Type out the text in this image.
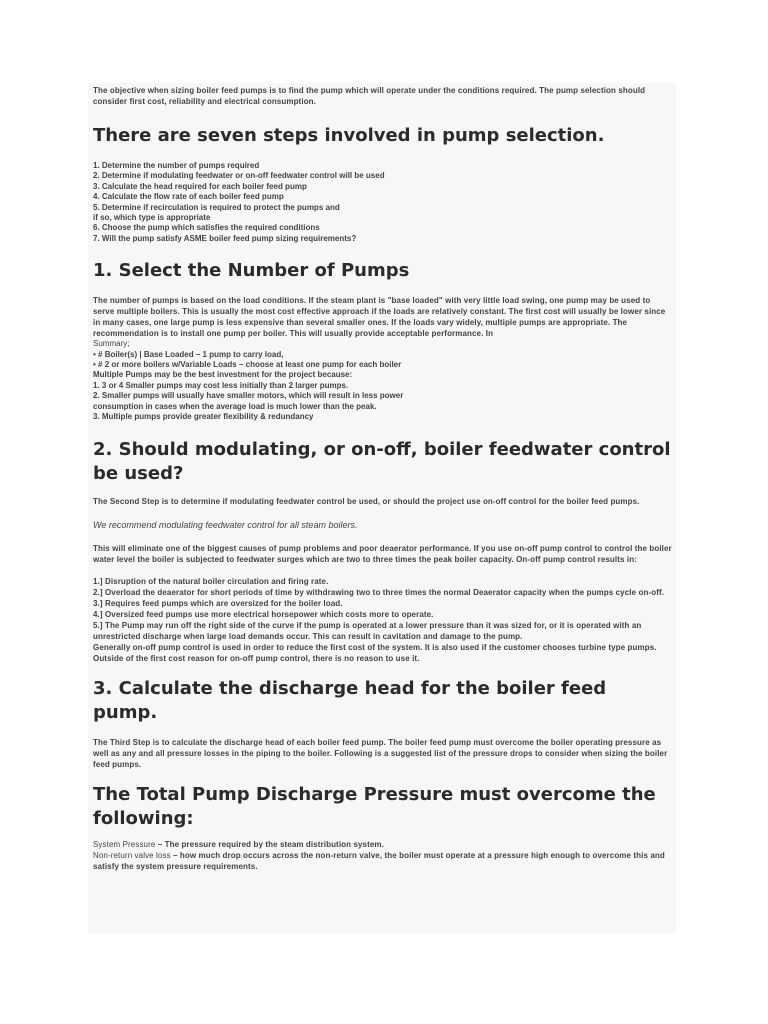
The objective when sizing boiler feed pumps is to find the pump which will operate under the conditions required. The pump selection should consider first cost, reliability and electrical consumption.

There are seven steps involved in pump selection.
1. Determine the number of pumps required
2. Determine if modulating feedwater or on-off feedwater control will be used
3. Calculate the head required for each boiler feed pump
4. Calculate the flow rate of each boiler feed pump
5. Determine if recirculation is required to protect the pumps and
if so, which type is appropriate
6. Choose the pump which satisfies the required conditions
7. Will the pump satisfy ASME boiler feed pump sizing requirements?
1. Select the Number of Pumps

The number of pumps is based on the load conditions. If the steam plant is "base loaded" with very little load swing, one pump may be used to serve multiple boilers. This is usually the most cost effective approach if the loads are relatively constant. The first cost will usually be lower since in many cases, one large pump is less expensive than several smaller ones. If the loads vary widely, multiple pumps are appropriate. The recommendation is to install one pump per boiler. This will usually provide acceptable performance. In

Summary;
• # Boiler(s) | Base Loaded – 1 pump to carry load,
• # 2 or more boilers w/Variable Loads – choose at least one pump for each boiler
Multiple Pumps may be the best investment for the project because:
1. 3 or 4 Smaller pumps may cost less initially than 2 larger pumps.
2. Smaller pumps will usually have smaller motors, which will result in less power
consumption in cases when the average load is much lower than the peak.
3. Multiple pumps provide greater flexibility & redundancy
2. Should modulating, or on-off, boiler feedwater control be used?

The Second Step is to determine if modulating feedwater control be used, or should the project use on-off control for the boiler feed pumps.

We recommend modulating feedwater control for all steam boilers.

This will eliminate one of the biggest causes of pump problems and poor deaerator performance. If you use on-off pump control to control the boiler water level the boiler is subjected to feedwater surges which are two to three times the peak boiler capacity. On-off pump control results in:

1.] Disruption of the natural boiler circulation and firing rate.
2.] Overload the deaerator for short periods of time by withdrawing two to three times the normal Deaerator capacity when the pumps cycle on-off.
3.] Requires feed pumps which are oversized for the boiler load.
4.] Oversized feed pumps use more electrical horsepower which costs more to operate.
5.] The Pump may run off the right side of the curve if the pump is operated at a lower pressure than it was sized for, or it is operated with an unrestricted discharge when large load demands occur. This can result in cavitation and damage to the pump.
Generally on-off pump control is used in order to reduce the first cost of the system. It is also used if the customer chooses turbine type pumps. Outside of the first cost reason for on-off pump control, there is no reason to use it.

3. Calculate the discharge head for the boiler feed pump.

The Third Step is to calculate the discharge head of each boiler feed pump. The boiler feed pump must overcome the boiler operating pressure as well as any and all pressure losses in the piping to the boiler. Following is a suggested list of the pressure drops to consider when sizing the boiler feed pumps.

The Total Pump Discharge Pressure must overcome the following:

System Pressure – The pressure required by the steam distribution system.

Non-return valve loss – how much drop occurs across the non-return valve, the boiler must operate at a pressure high enough to overcome this and satisfy the system pressure requirements.
